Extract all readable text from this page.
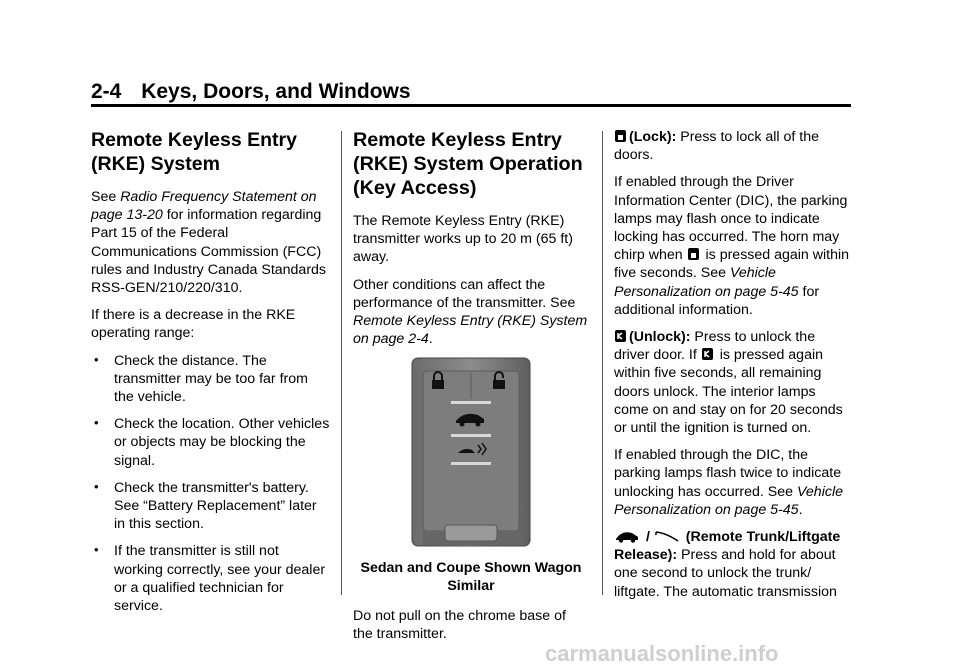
2-4 Keys, Doors, and Windows
Remote Keyless Entry (RKE) System

See Radio Frequency Statement on page 13-20 for information regarding Part 15 of the Federal Communications Commission (FCC) rules and Industry Canada Standards RSS-GEN/210/220/310.

If there is a decrease in the RKE operating range:

• Check the distance. The transmitter may be too far from the vehicle.
• Check the location. Other vehicles or objects may be blocking the signal.
• Check the transmitter's battery. See “Battery Replacement” later in this section.
• If the transmitter is still not working correctly, see your dealer or a qualified technician for service.
Remote Keyless Entry (RKE) System Operation (Key Access)

The Remote Keyless Entry (RKE) transmitter works up to 20 m (65 ft) away.

Other conditions can affect the performance of the transmitter. See Remote Keyless Entry (RKE) System on page 2-4.

Sedan and Coupe Shown Wagon Similar

Do not pull on the chrome base of the transmitter.

(Lock): Press to lock all of the doors.

If enabled through the Driver Information Center (DIC), the parking lamps may flash once to indicate locking has occurred. The horn may chirp when  is pressed again within five seconds. See Vehicle Personalization on page 5-45 for additional information.

(Unlock): Press to unlock the driver door. If  is pressed again within five seconds, all remaining doors unlock. The interior lamps come on and stay on for 20 seconds or until the ignition is turned on.

If enabled through the DIC, the parking lamps flash twice to indicate unlocking has occurred. See Vehicle Personalization on page 5-45.

/  (Remote Trunk/Liftgate Release): Press and hold for about one second to unlock the trunk/ liftgate. The automatic transmission

carmanualsonline.info
